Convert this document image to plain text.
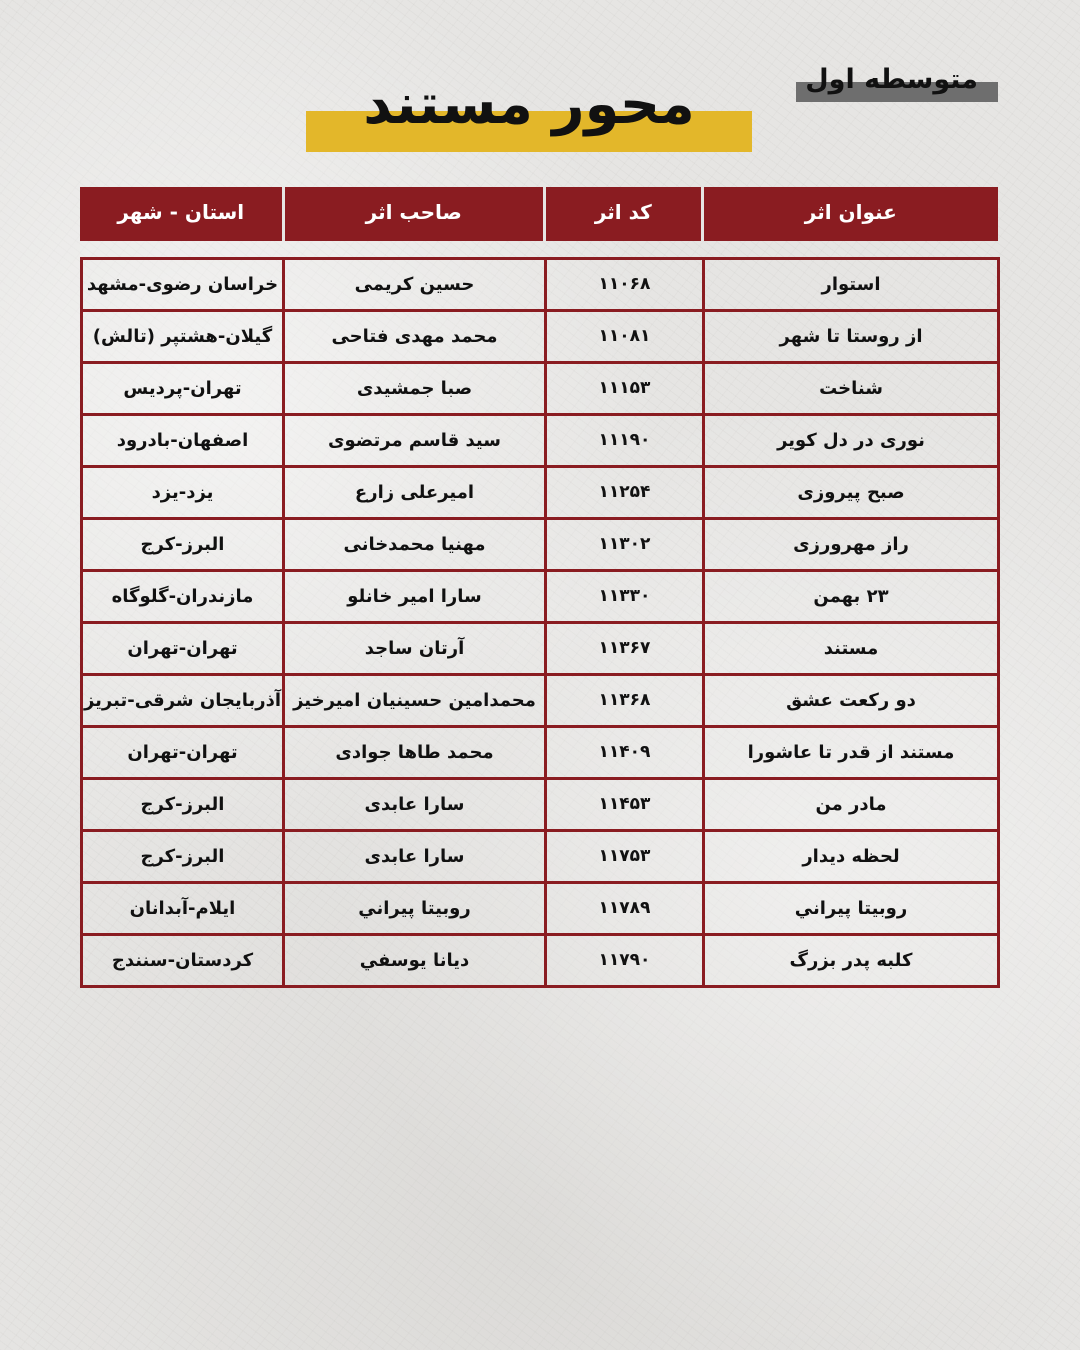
متوسطه اول
محور مستند
عنوان اثر
کد اثر
صاحب اثر
استان - شهر
استوار
۱۱۰۶۸
حسین کریمی
خراسان رضوی-مشهد
از روستا تا شهر
۱۱۰۸۱
محمد مهدی فتاحی
گیلان-هشتپر (تالش)
شناخت
۱۱۱۵۳
صبا جمشیدی
تهران-پردیس
نوری در دل کویر
۱۱۱۹۰
سید قاسم مرتضوی
اصفهان-بادرود
صبح پیروزی
۱۱۲۵۴
امیرعلی زارع
یزد-یزد
راز مهرورزی
۱۱۳۰۲
مهنیا محمدخانی
البرز-کرج
۲۳ بهمن
۱۱۳۳۰
سارا امیر خانلو
مازندران-گلوگاه
مستند
۱۱۳۶۷
آرتان ساجد
تهران-تهران
دو رکعت عشق
۱۱۳۶۸
محمدامین حسینیان امیرخیز
آذربایجان شرقی-تبریز
مستند از قدر تا عاشورا
۱۱۴۰۹
محمد طاها جوادی
تهران-تهران
مادر من
۱۱۴۵۳
سارا عابدی
البرز-کرج
لحظه دیدار
۱۱۷۵۳
سارا عابدی
البرز-کرج
روبیتا پیراني
۱۱۷۸۹
روبیتا پیراني
ایلام-آبدانان
کلبه پدر بزرگ
۱۱۷۹۰
دیانا یوسفي
کردستان-سنندج
